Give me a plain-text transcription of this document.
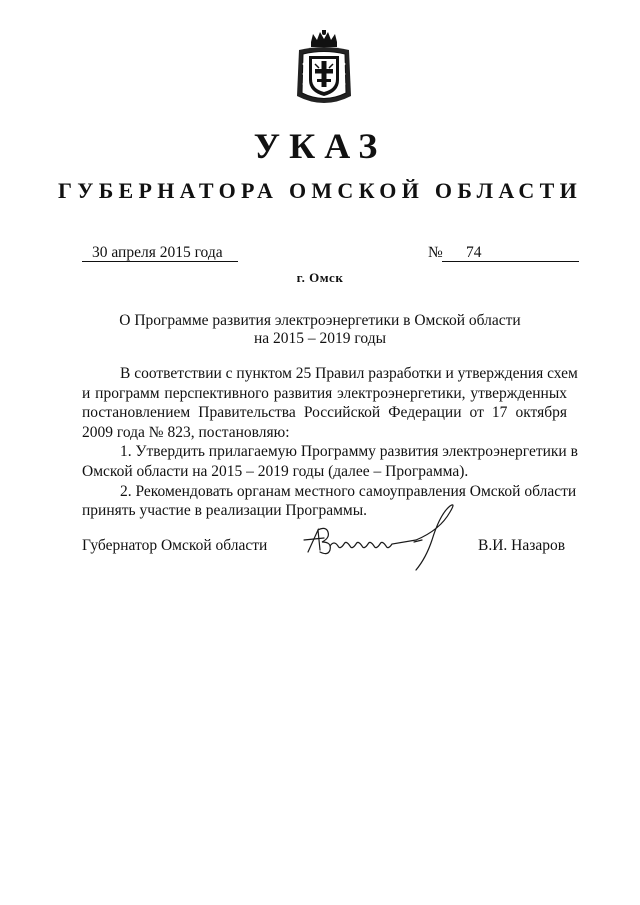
УКАЗ
ГУБЕРНАТОРА ОМСКОЙ ОБЛАСТИ
30 апреля 2015 года	№ 74
г. Омск
О Программе развития электроэнергетики в Омской области
на 2015 – 2019 годы
В соответствии с пунктом 25 Правил разработки и утверждения схем
и программ перспективного развития электроэнергетики, утвержденных
постановлением Правительства Российской Федерации от 17 октября
2009 года № 823, постановляю:
1. Утвердить прилагаемую Программу развития электроэнергетики в
Омской области на 2015 – 2019 годы (далее – Программа).
2. Рекомендовать органам местного самоуправления Омской области
принять участие в реализации Программы.
Губернатор Омской области	В.И. Назаров
